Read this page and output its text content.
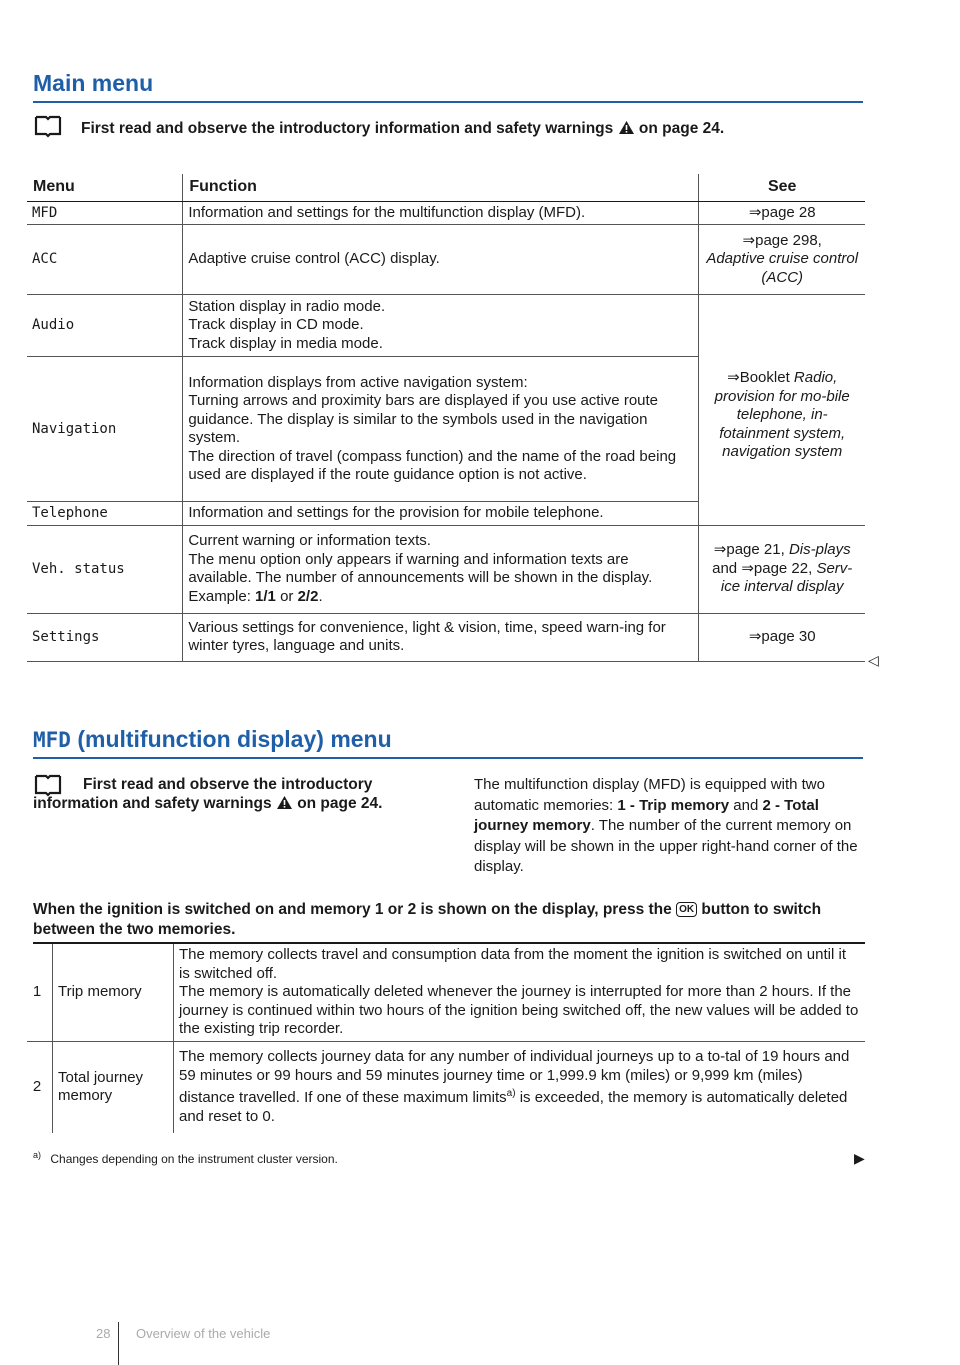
Main menu
First read and observe the introductory information and safety warnings on page 24.
Menu	Function	See
MFD	Information and settings for the multifunction display (MFD).	⇒page 28
ACC	Adaptive cruise control (ACC) display.	⇒page 298,
Adaptive cruise control (ACC)
Audio	Station display in radio mode.
Track display in CD mode.
Track display in media mode.	⇒Booklet Radio, provision for mo-bile telephone, in-fotainment system, navigation system
Navigation	Information displays from active navigation system:
Turning arrows and proximity bars are displayed if you use active route guidance. The display is similar to the symbols used in the navigation system.
The direction of travel (compass function) and the name of the road being used are displayed if the route guidance option is not active.	
Telephone	Information and settings for the provision for mobile telephone.	
Veh. status	Current warning or information texts.
The menu option only appears if warning and information texts are available. The number of announcements will be shown in the display. Example: 1/1 or 2/2.	⇒page 21, Dis-plays and ⇒page 22, Serv-ice interval display
Settings	Various settings for convenience, light & vision, time, speed warn-ing for winter tyres, language and units.	⇒page 30
◁
MFD (multifunction display) menu
First read and observe the introductory information and safety warnings on page 24.
The multifunction display (MFD) is equipped with two automatic memories: 1 - Trip memory and 2 - Total journey memory. The number of the current memory on display will be shown in the upper right-hand corner of the display.
When the ignition is switched on and memory 1 or 2 is shown on the display, press the OK button to switch between the two memories.
1	Trip memory	The memory collects travel and consumption data from the moment the ignition is switched on until it is switched off.
The memory is automatically deleted whenever the journey is interrupted for more than 2 hours. If the journey is continued within two hours of the ignition being switched off, the new values will be added to the existing trip recorder.
2	Total journey memory	The memory collects journey data for any number of individual journeys up to a to-tal of 19 hours and 59 minutes or 99 hours and 59 minutes journey time or 1,999.9 km (miles) or 9,999 km (miles) distance travelled. If one of these maximum limits$^{a)}$ is exceeded, the memory is automatically deleted and reset to 0.
$^{a)}$ Changes depending on the instrument cluster version.	▶
28 Overview of the vehicle
